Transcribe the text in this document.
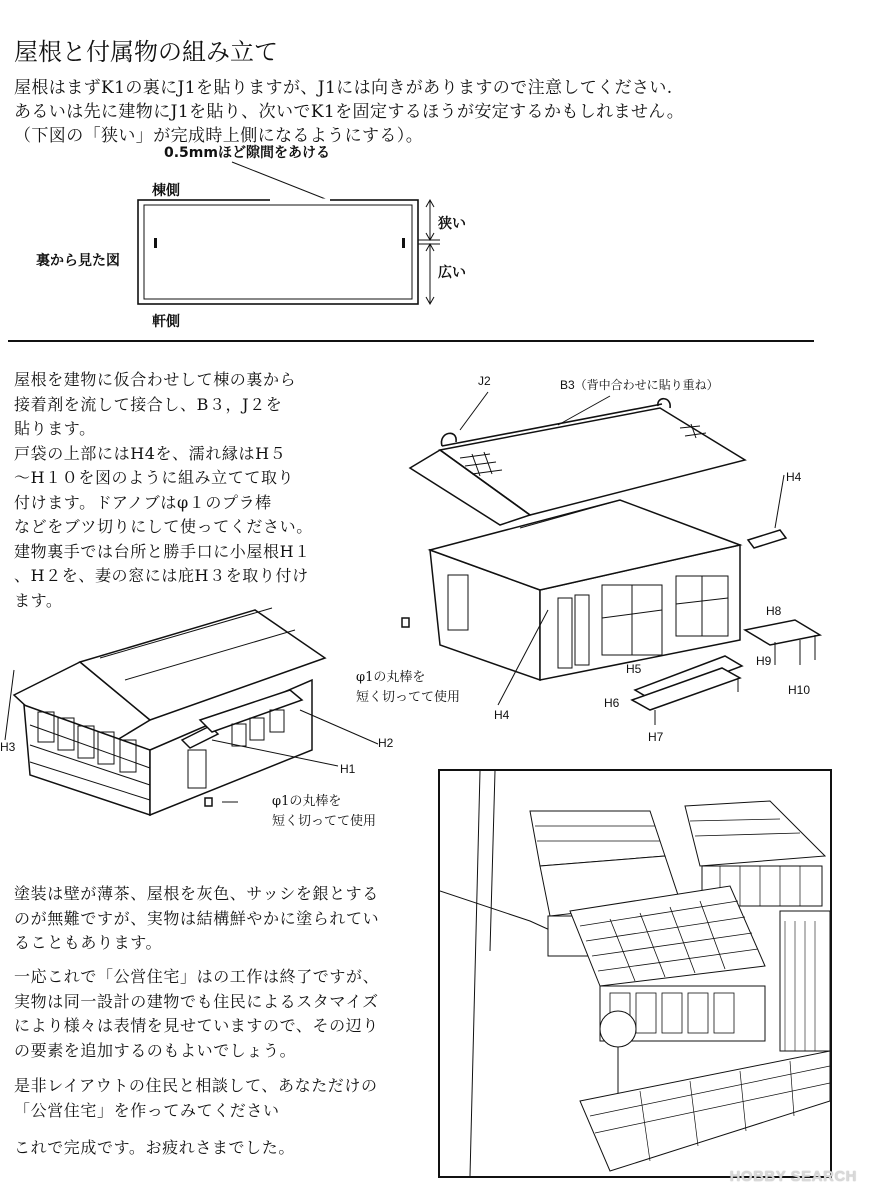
屋根と付属物の組み立て
屋根はまずK1の裏にJ1を貼りますが、J1には向きがありますので注意してください.
あるいは先に建物にJ1を貼り、次いでK1を固定するほうが安定するかもしれません。
（下図の「狭い」が完成時上側になるようにする）。
0.5mmほど隙間をあける
棟側
裏から見た図
狭い
広い
軒側
屋根を建物に仮合わせして棟の裏から
接着剤を流して接合し、B３，J２を
貼ります。
戸袋の上部にはH4を、濡れ縁はH５
～H１０を図のように組み立てて取り
付けます。ドアノブはφ１のプラ棒
などをブツ切りにして使ってください。
建物裏手では台所と勝手口に小屋根H１
、H２を、妻の窓には庇H３を取り付け
ます。
J2	B3（背中合わせに貼り重ね）
H4
H4
φ1の丸棒を
短く切ってて使用
H8
H9
H10
H5
H6
H7
H3	H2
H1
φ1の丸棒を
短く切ってて使用
塗装は壁が薄茶、屋根を灰色、サッシを銀とする
のが無難ですが、実物は結構鮮やかに塗られてい
ることもあります。
一応これで「公営住宅」はの工作は終了ですが、
実物は同一設計の建物でも住民によるスタマイズ
により様々は表情を見せていますので、その辺り
の要素を追加するのもよいでしょう。
是非レイアウトの住民と相談して、あなただけの
「公営住宅」を作ってみてください
これで完成です。お疲れさまでした。
HOBBY SEARCH
